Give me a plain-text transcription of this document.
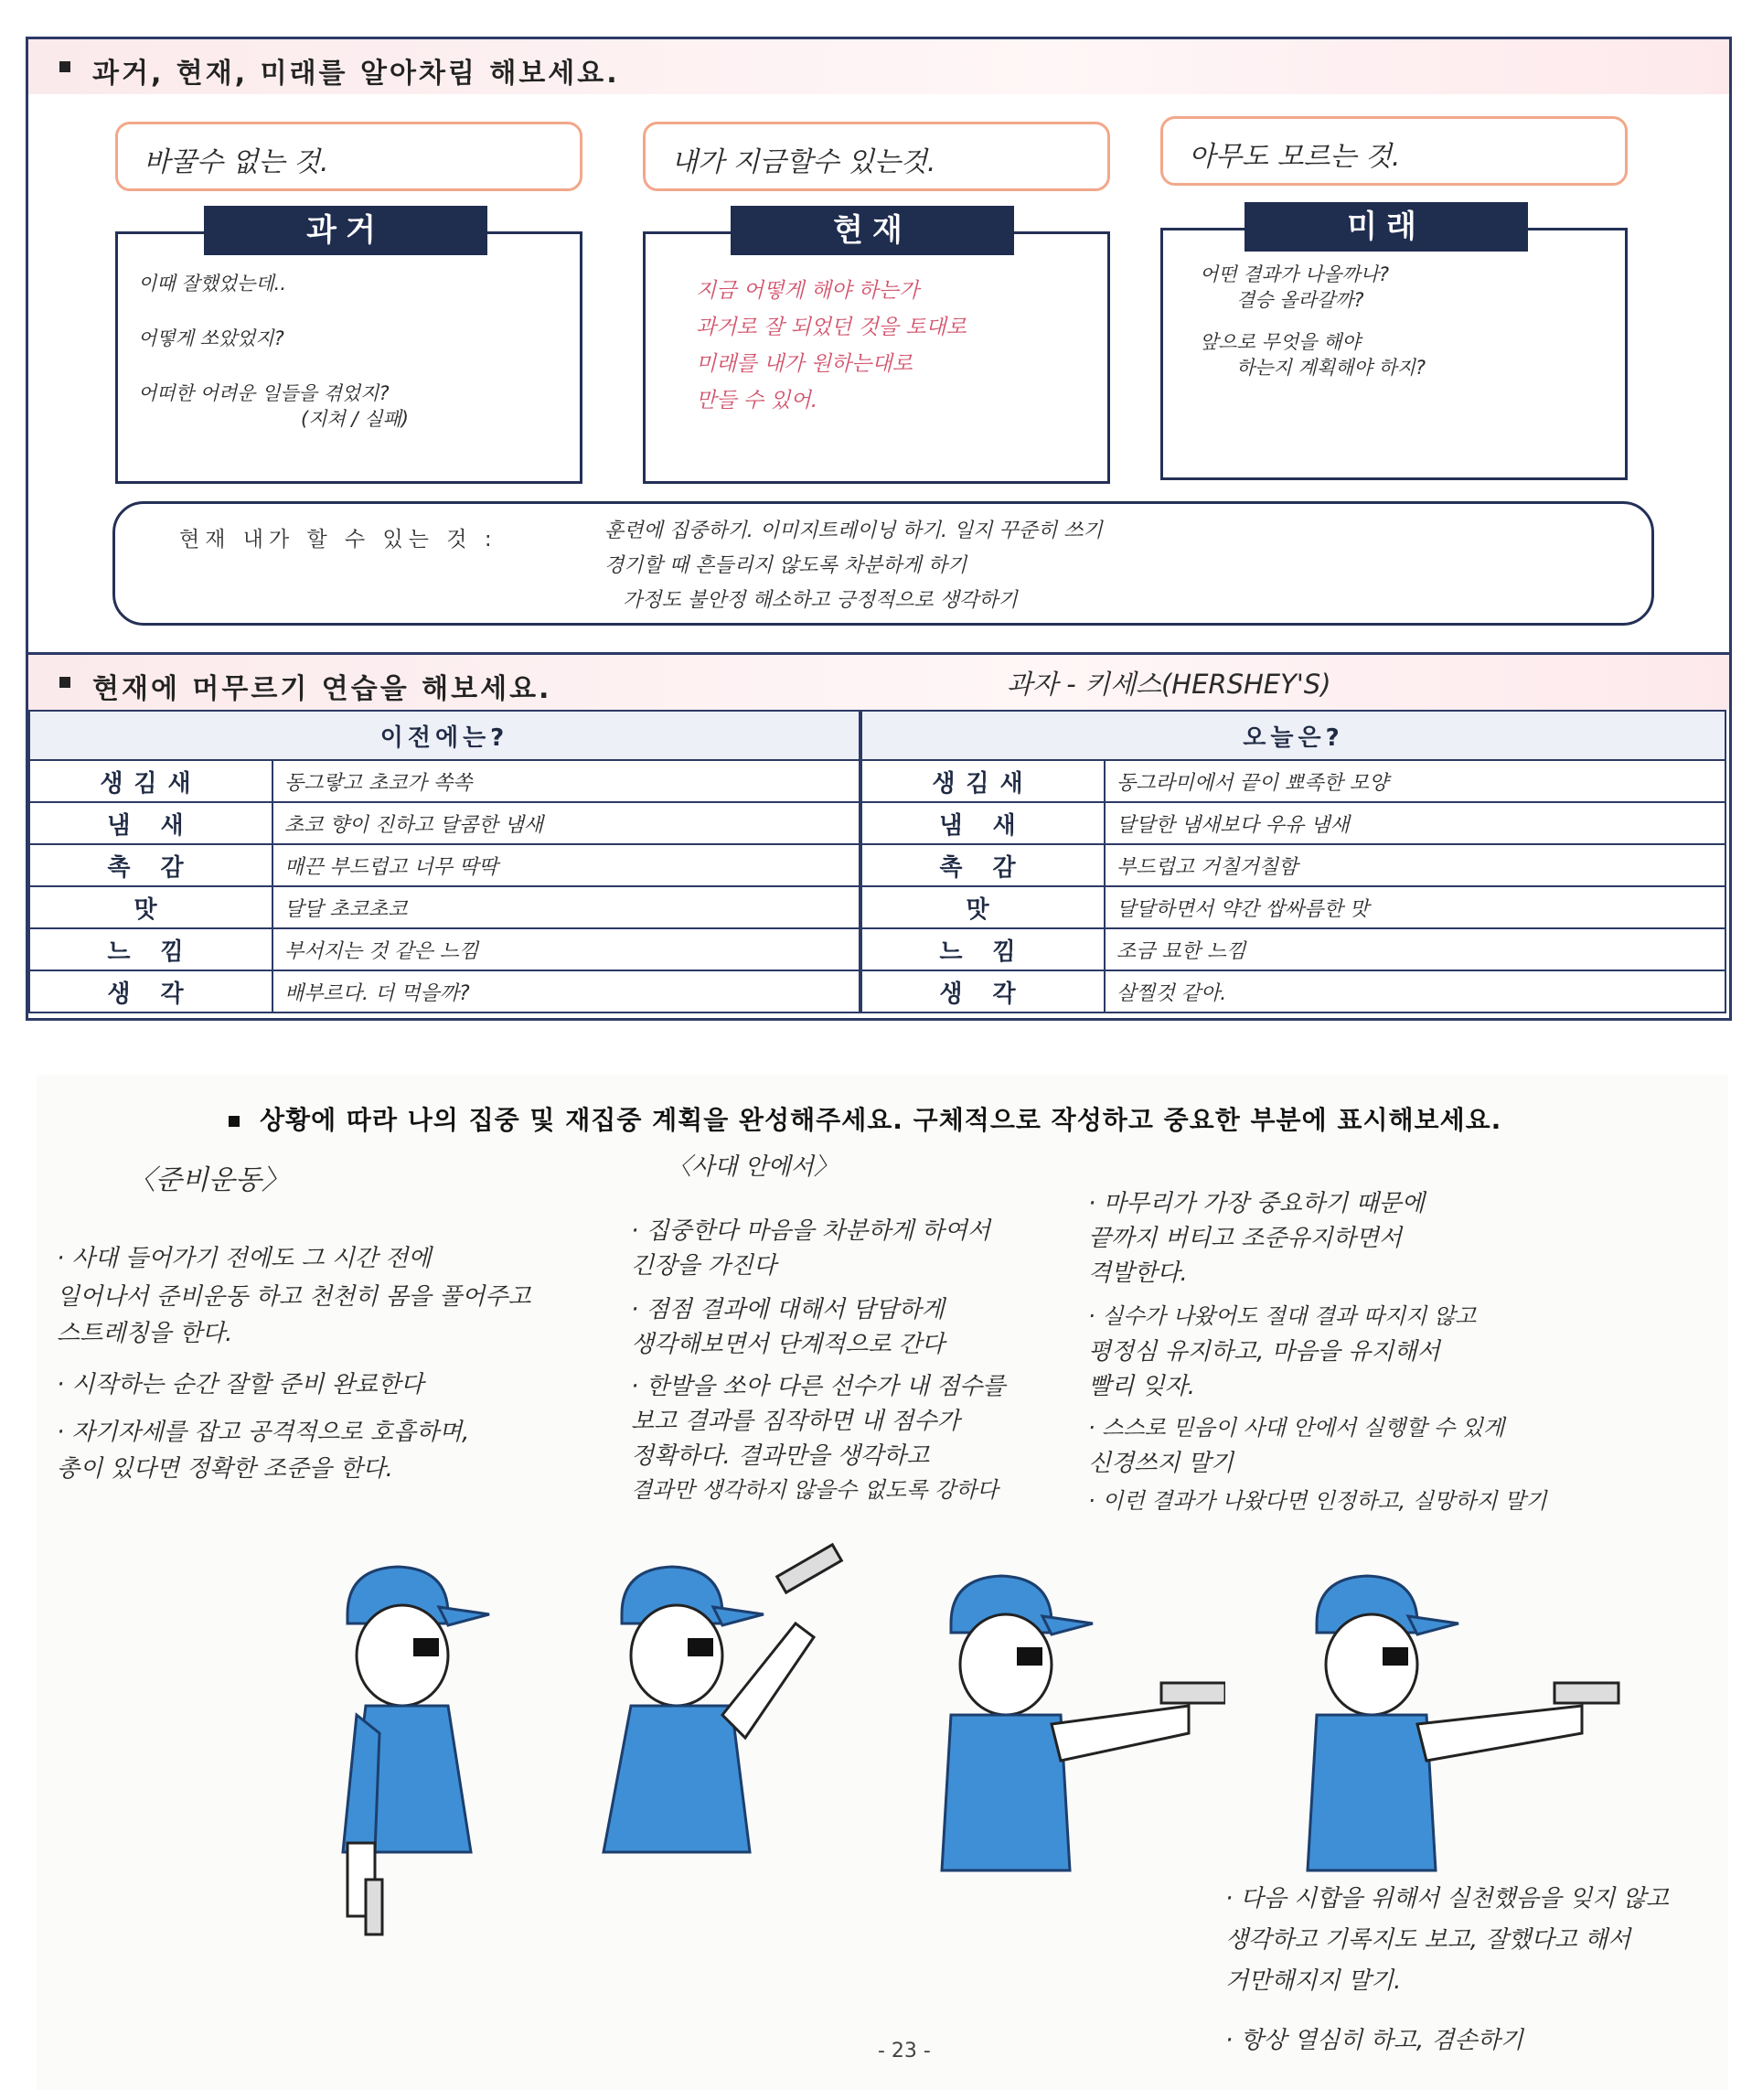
과거, 현재, 미래를 알아차림 해보세요.
바꿀수 없는 것.	내가 지금할수 있는것.	아무도 모르는 것.
이때 잘했었는데..
어떻게 쏘았었지?
어떠한 어려운 일들을 겪었지?
(지쳐 / 실패)
과거
지금 어떻게 해야 하는가
과거로 잘 되었던 것을 토대로
미래를 내가 원하는대로
만들 수 있어.
현재
어떤 결과가 나올까나?
결승 올라갈까?
앞으로 무엇을 해야
하는지 계획해야 하지?
미래
현재 내가 할 수 있는 것 :	훈련에 집중하기. 이미지트레이닝 하기. 일지 꾸준히 쓰기
경기할 때 흔들리지 않도록 차분하게 하기
가정도 불안정 해소하고 긍정적으로 생각하기
현재에 머무르기 연습을 해보세요.	과자 - 키세스(HERSHEY'S)
이전에는?	
생김새	동그랗고 초코가 쏙쏙
냄 새	초코 향이 진하고 달콤한 냄새
촉 감	매끈 부드럽고 너무 딱딱
맛	달달 초코초코
느 낌	부서지는 것 같은 느낌
생 각	배부르다. 더 먹을까?
오늘은?	
생김새	동그라미에서 끝이 뾰족한 모양
냄 새	달달한 냄새보다 우유 냄새
촉 감	부드럽고 거칠거칠함
맛	달달하면서 약간 쌉싸름한 맛
느 낌	조금 묘한 느낌
생 각	살찔것 같아.
상황에 따라 나의 집중 및 재집중 계획을 완성해주세요. 구체적으로 작성하고 중요한 부분에 표시해보세요.
〈준비운동〉
· 사대 들어가기 전에도 그 시간 전에
일어나서 준비운동 하고 천천히 몸을 풀어주고
스트레칭을 한다.
· 시작하는 순간 잘할 준비 완료한다
· 자기자세를 잡고 공격적으로 호흡하며,
총이 있다면 정확한 조준을 한다.
〈사대 안에서〉
· 집중한다 마음을 차분하게 하여서
긴장을 가진다
· 점점 결과에 대해서 담담하게
생각해보면서 단계적으로 간다
· 한발을 쏘아 다른 선수가 내 점수를
보고 결과를 짐작하면 내 점수가
정확하다. 결과만을 생각하고
결과만 생각하지 않을수 없도록 강하다
· 마무리가 가장 중요하기 때문에
끝까지 버티고 조준유지하면서
격발한다.
· 실수가 나왔어도 절대 결과 따지지 않고
평정심 유지하고, 마음을 유지해서
빨리 잊자.
· 스스로 믿음이 사대 안에서 실행할 수 있게
신경쓰지 말기
· 이런 결과가 나왔다면 인정하고, 실망하지 말기
· 다음 시합을 위해서 실천했음을 잊지 않고
생각하고 기록지도 보고, 잘했다고 해서
거만해지지 말기.
· 항상 열심히 하고, 겸손하기
- 23 -
